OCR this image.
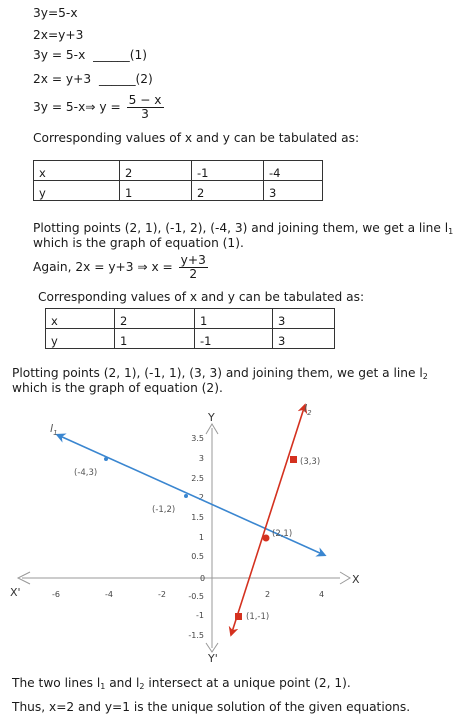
3y=5-x
2x=y+3
3y = 5-x ______(1)
2x = y+3 ______(2)
3y = 5-x⇒ $y = \frac{5 - x}{3}$
Corresponding values of x and y can be tabulated as:
x	2	-1	-4
y	1	2	3
Plotting points (2, 1), (-1, 2), (-4, 3) and joining them, we get a line $l_1$
which is the graph of equation (1).
Again, 2x = y+3 ⇒ $x = \frac{y+3}{2}$
Corresponding values of x and y can be tabulated as:
x	2	1	3
y	1	-1	3
Plotting points (2, 1), (-1, 1), (3, 3) and joining them, we get a line $l_2$
which is the graph of equation (2).
X
X'
Y
Y'
0
-6	-4	-2	2	4
3.5
3
2.5
2
1.5
1
0.5
-0.5
-1
-1.5
(-4,3)
(-1,2)
(2,1)
(3,3)
(1,-1)
$l_1$
$l_2$
The two lines $l_1$ and $l_2$ intersect at a unique point (2, 1).
Thus, x=2 and y=1 is the unique solution of the given equations.
